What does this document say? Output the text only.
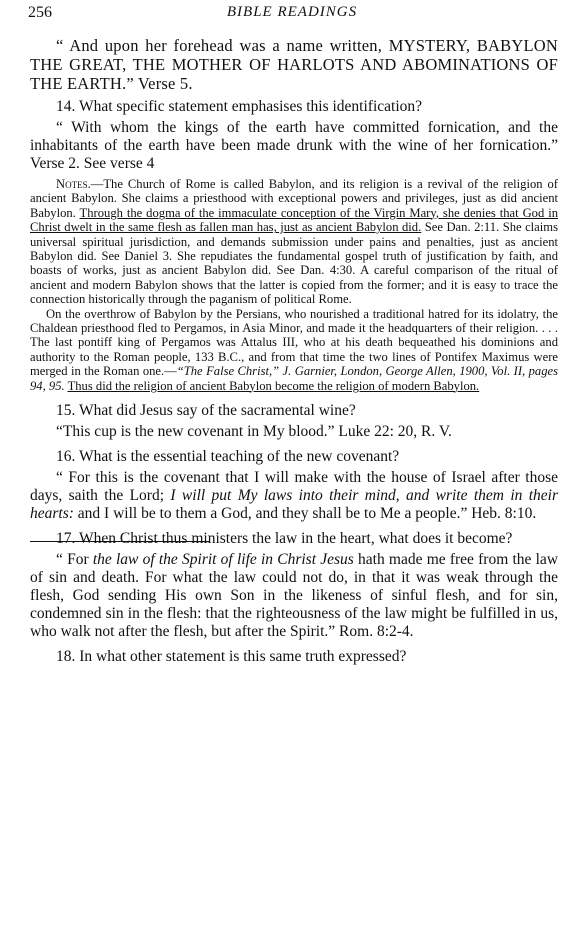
256	BIBLE READINGS

“ And upon her forehead was a name written, MYSTERY, BABYLON THE GREAT, THE MOTHER OF HARLOTS AND ABOMINATIONS OF THE EARTH.” Verse 5.

14. What specific statement emphasises this identification?

“ With whom the kings of the earth have committed fornication, and the inhabitants of the earth have been made drunk with the wine of her fornication.” Verse 2. See verse 4

Notes.—The Church of Rome is called Babylon, and its religion is a revival of the religion of ancient Babylon. She claims a priesthood with exceptional powers and privileges, just as did ancient Babylon. Through the dogma of the immaculate conception of the Virgin Mary, she denies that God in Christ dwelt in the same flesh as fallen man has, just as ancient Babylon did. See Dan. 2:11. She claims universal spiritual jurisdiction, and demands submission under pains and penalties, just as ancient Babylon did. See Daniel 3. She repudiates the fundamental gospel truth of justification by faith, and boasts of works, just as ancient Babylon did. See Dan. 4:30. A careful comparison of the ritual of ancient and modern Babylon shows that the latter is copied from the former; and it is easy to trace the connection historically through the paganism of political Rome.

On the overthrow of Babylon by the Persians, who nourished a traditional hatred for its idolatry, the Chaldean priesthood fled to Pergamos, in Asia Minor, and made it the headquarters of their religion. . . . The last pontiff king of Pergamos was Attalus III, who at his death bequeathed his dominions and authority to the Roman people, 133 B.C., and from that time the two lines of Pontifex Maximus were merged in the Roman one.—“The False Christ,” J. Garnier, London, George Allen, 1900, Vol. II, pages 94, 95. Thus did the religion of ancient Babylon become the religion of modern Babylon.

15. What did Jesus say of the sacramental wine?

“This cup is the new covenant in My blood.” Luke 22: 20, R. V.

16. What is the essential teaching of the new covenant?

“ For this is the covenant that I will make with the house of Israel after those days, saith the Lord; I will put My laws into their mind, and write them in their hearts: and I will be to them a God, and they shall be to Me a people.” Heb. 8:10.

17. When Christ thus ministers the law in the heart, what does it become?

“ For the law of the Spirit of life in Christ Jesus hath made me free from the law of sin and death. For what the law could not do, in that it was weak through the flesh, God sending His own Son in the likeness of sinful flesh, and for sin, condemned sin in the flesh: that the righteousness of the law might be fulfilled in us, who walk not after the flesh, but after the Spirit.” Rom. 8:2-4.

18. In what other statement is this same truth expressed?
